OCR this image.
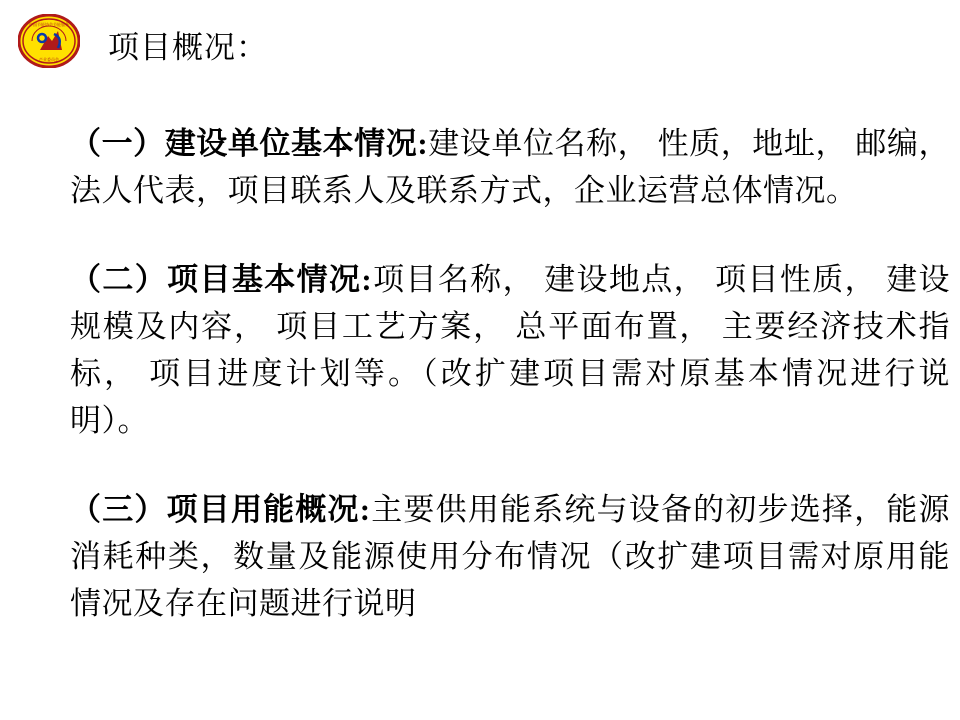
中国节能协会节能服务
产业委员会	项目概况：
（一）建设单位基本情况:建设单位名称， 性质，地址， 邮编， 法人代表，项目联系人及联系方式，企业运营总体情况。
（二）项目基本情况:项目名称， 建设地点， 项目性质， 建设规模及内容， 项目工艺方案， 总平面布置， 主要经济技术指标， 项目进度计划等。（改扩建项目需对原基本情况进行说明）。
（三）项目用能概况:主要供用能系统与设备的初步选择，能源消耗种类，数量及能源使用分布情况（改扩建项目需对原用能情况及存在问题进行说明
